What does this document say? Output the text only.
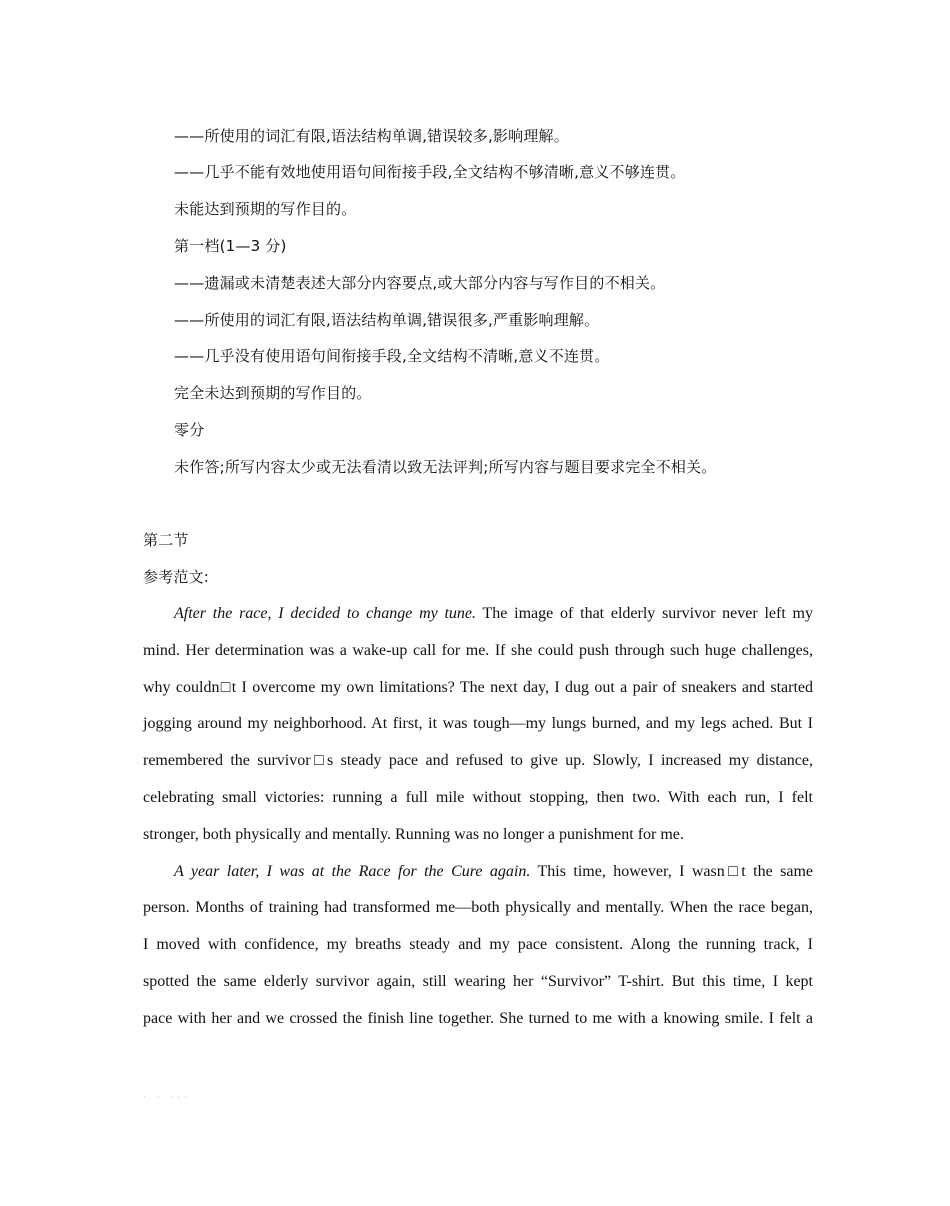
——所使用的词汇有限,语法结构单调,错误较多,影响理解。
——几乎不能有效地使用语句间衔接手段,全文结构不够清晰,意义不够连贯。
未能达到预期的写作目的。
第一档(1—3 分)
——遗漏或未清楚表述大部分内容要点,或大部分内容与写作目的不相关。
——所使用的词汇有限,语法结构单调,错误很多,严重影响理解。
——几乎没有使用语句间衔接手段,全文结构不清晰,意义不连贯。
完全未达到预期的写作目的。
零分
未作答;所写内容太少或无法看清以致无法评判;所写内容与题目要求完全不相关。
第二节
参考范文:
After the race, I decided to change my tune. The image of that elderly survivor never left my
mind. Her determination was a wake-up call for me. If she could push through such huge challenges,
why couldn□t I overcome my own limitations? The next day, I dug out a pair of sneakers and started
jogging around my neighborhood. At first, it was tough—my lungs burned, and my legs ached. But I
remembered the survivor□s steady pace and refused to give up. Slowly, I increased my distance,
celebrating small victories: running a full mile without stopping, then two. With each run, I felt
stronger, both physically and mentally. Running was no longer a punishment for me.
A year later, I was at the Race for the Cure again. This time, however, I wasn□t the same
person. Months of training had transformed me—both physically and mentally. When the race began,
I moved with confidence, my breaths steady and my pace consistent. Along the running track, I
spotted the same elderly survivor again, still wearing her “Survivor” T-shirt. But this time, I kept
pace with her and we crossed the finish line together. She turned to me with a knowing smile. I felt a
· · ···
